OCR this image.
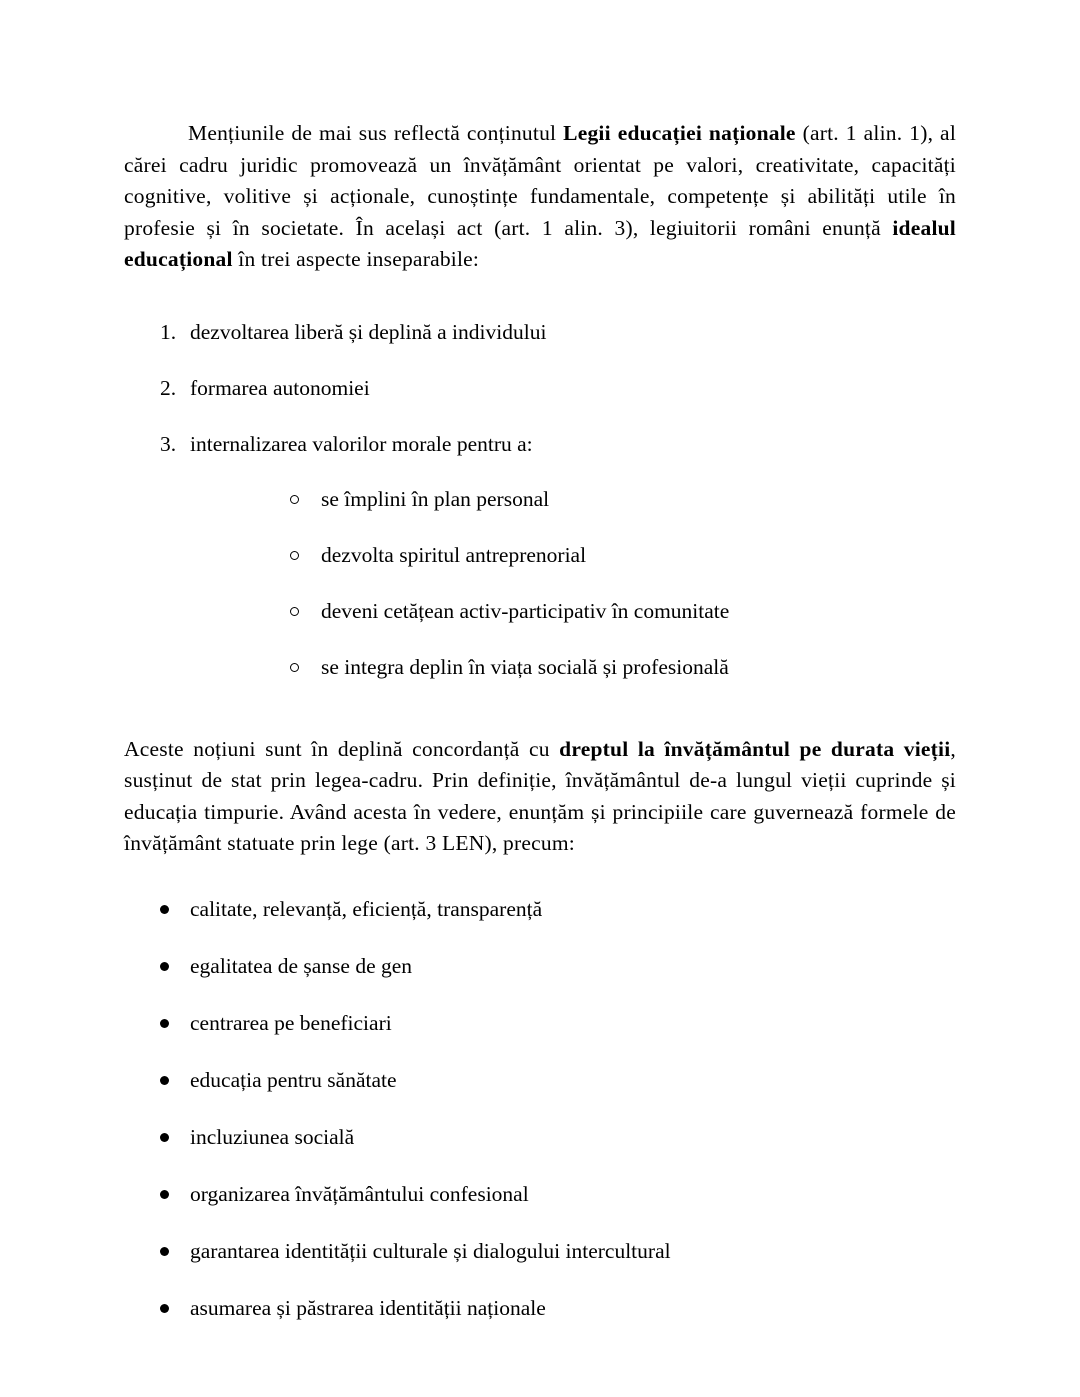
Mențiunile de mai sus reflectă conținutul Legii educației naționale (art. 1 alin. 1), al cărei cadru juridic promovează un învățământ orientat pe valori, creativitate, capacități cognitive, volitive și acționale, cunoștințe fundamentale, competențe și abilități utile în profesie și în societate. În același act (art. 1 alin. 3), legiuitorii români enunță idealul educațional în trei aspecte inseparabile:

1. dezvoltarea liberă și deplină a individului
2. formarea autonomiei
3. internalizarea valorilor morale pentru a:
se împlini în plan personal
dezvolta spiritul antreprenorial
deveni cetățean activ-participativ în comunitate
se integra deplin în viața socială și profesională

Aceste noțiuni sunt în deplină concordanță cu dreptul la învățământul pe durata vieții, susținut de stat prin legea-cadru. Prin definiție, învățământul de-a lungul vieții cuprinde și educația timpurie. Având acesta în vedere, enunțăm și principiile care guvernează formele de învățământ statuate prin lege (art. 3 LEN), precum:

calitate, relevanță, eficiență, transparență
egalitatea de șanse de gen
centrarea pe beneficiari
educația pentru sănătate
incluziunea socială
organizarea învățământului confesional
garantarea identității culturale și dialogului intercultural
asumarea și păstrarea identității naționale
